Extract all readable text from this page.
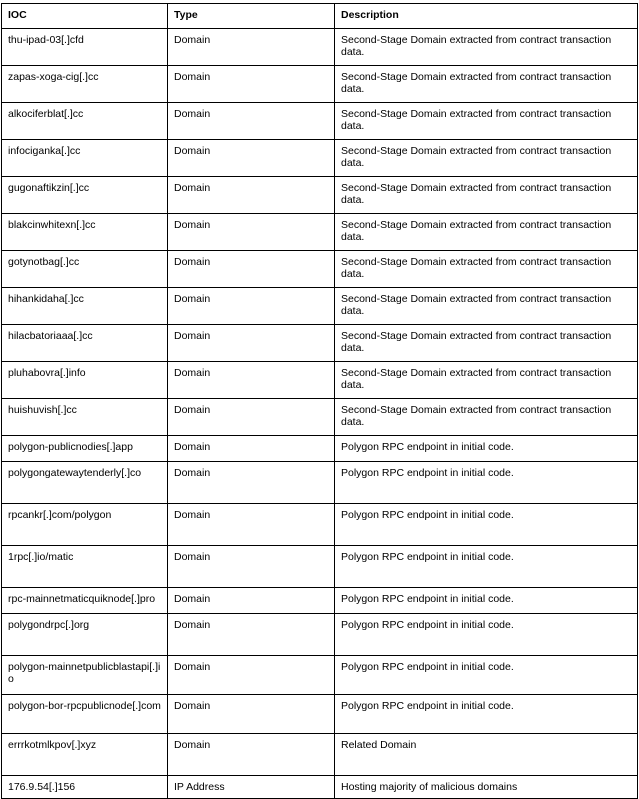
IOC	Type	Description
thu-ipad-03[.]cfd	Domain	Second-Stage Domain extracted from contract transaction data.
zapas-xoga-cig[.]cc	Domain	Second-Stage Domain extracted from contract transaction data.
alkociferblat[.]cc	Domain	Second-Stage Domain extracted from contract transaction data.
infociganka[.]cc	Domain	Second-Stage Domain extracted from contract transaction data.
gugonaftikzin[.]cc	Domain	Second-Stage Domain extracted from contract transaction data.
blakcinwhitexn[.]cc	Domain	Second-Stage Domain extracted from contract transaction data.
gotynotbag[.]cc	Domain	Second-Stage Domain extracted from contract transaction data.
hihankidaha[.]cc	Domain	Second-Stage Domain extracted from contract transaction data.
hilacbatoriaaa[.]cc	Domain	Second-Stage Domain extracted from contract transaction data.
pluhabovra[.]info	Domain	Second-Stage Domain extracted from contract transaction data.
huishuvish[.]cc	Domain	Second-Stage Domain extracted from contract transaction data.
polygon-publicnodies[.]app	Domain	Polygon RPC endpoint in initial code.
polygongatewaytenderly[.]co	Domain	Polygon RPC endpoint in initial code.
rpcankr[.]com/polygon	Domain	Polygon RPC endpoint in initial code.
1rpc[.]io/matic	Domain	Polygon RPC endpoint in initial code.
rpc-mainnetmaticquiknode[.]pro	Domain	Polygon RPC endpoint in initial code.
polygondrpc[.]org	Domain	Polygon RPC endpoint in initial code.
polygon-mainnetpublicblastapi[.]io	Domain	Polygon RPC endpoint in initial code.
polygon-bor-rpcpublicnode[.]com	Domain	Polygon RPC endpoint in initial code.
errrkotmlkpov[.]xyz	Domain	Related Domain
176.9.54[.]156	IP Address	Hosting majority of malicious domains
